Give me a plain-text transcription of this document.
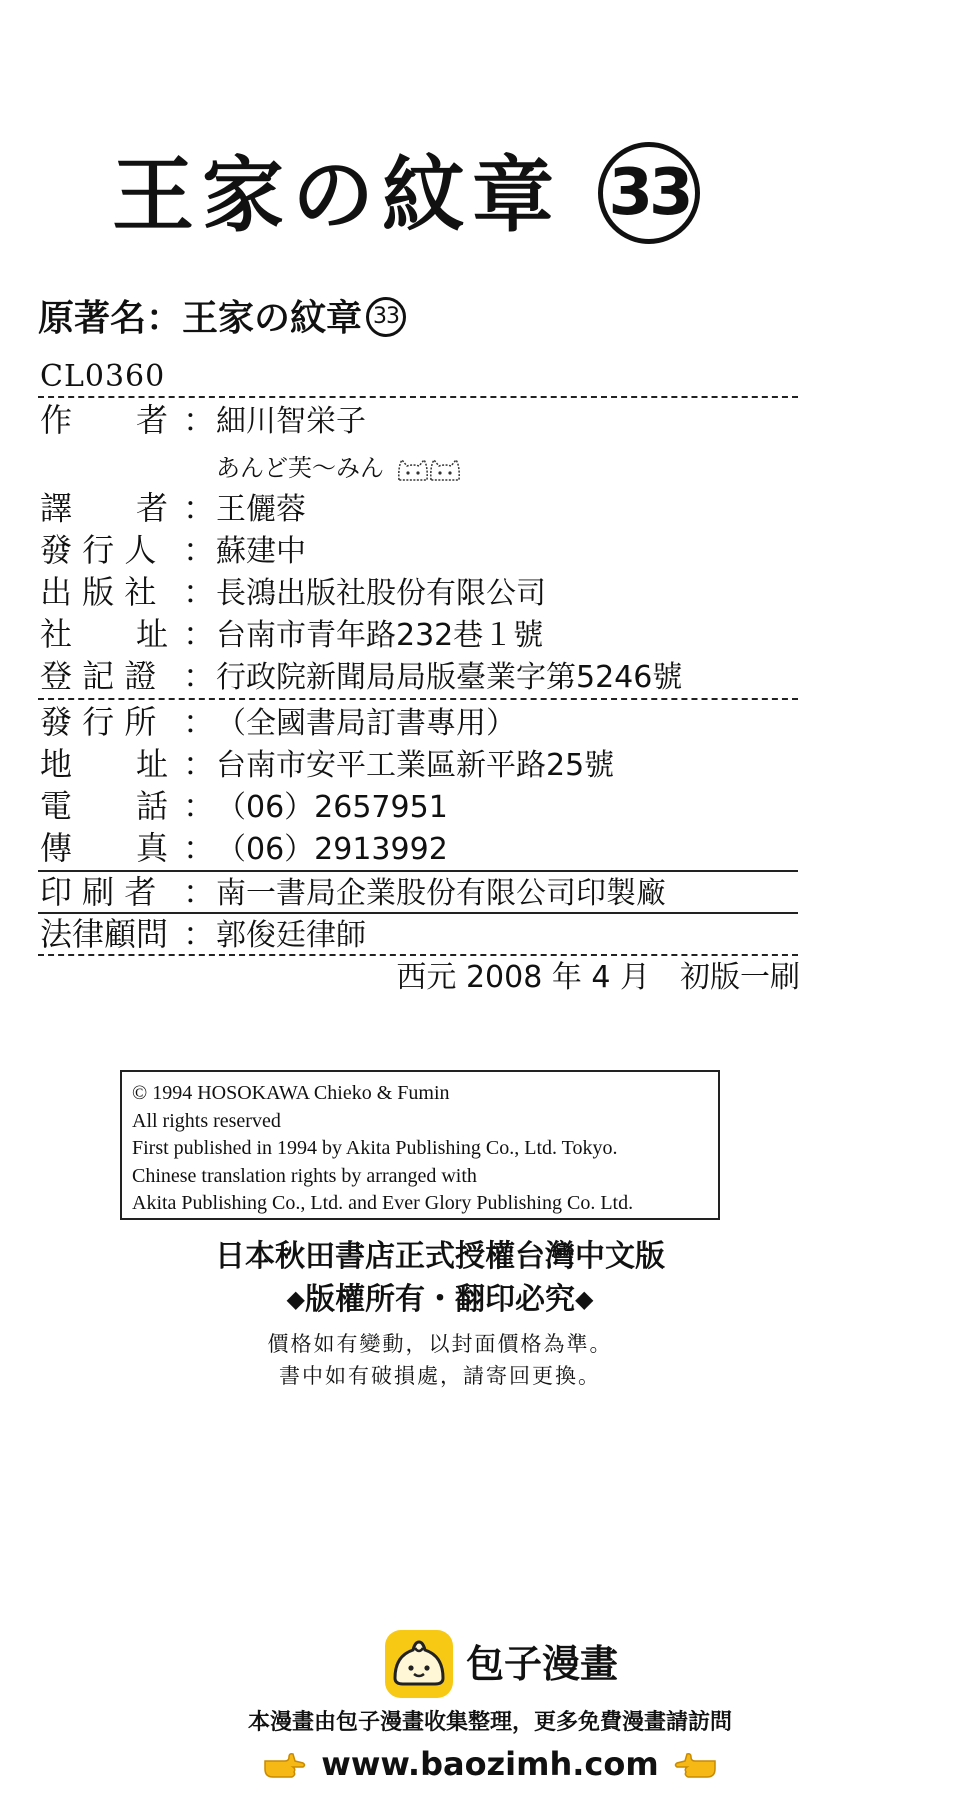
王家の紋章 33
原著名：王家の紋章 33
CL0360
作　　者 ：細川智栄子
あんど芙〜みん
譯　　者 ：王儷蓉
發 行 人 ：蘇建中
出 版 社 ：長鴻出版社股份有限公司
社　　址 ：台南市青年路232巷１號
登 記 證 ：行政院新聞局局版臺業字第5246號
發 行 所 ：（全國書局訂書專用）
地　　址 ：台南市安平工業區新平路25號
電　　話 ：（06）2657951
傳　　真 ：（06）2913992
印 刷 者 ：南一書局企業股份有限公司印製廠
法律顧問 ：郭俊廷律師
西元 2008 年 4 月　初版一刷
© 1994 HOSOKAWA Chieko & Fumin
All rights reserved
First published in 1994 by Akita Publishing Co., Ltd. Tokyo.
Chinese translation rights by arranged with
Akita Publishing Co., Ltd. and Ever Glory Publishing Co. Ltd.
日本秋田書店正式授權台灣中文版
◆版權所有・翻印必究◆
價格如有變動，以封面價格為準。
書中如有破損處，請寄回更換。
包子漫畫
本漫畫由包子漫畫收集整理，更多免費漫畫請訪問
www.baozimh.com
